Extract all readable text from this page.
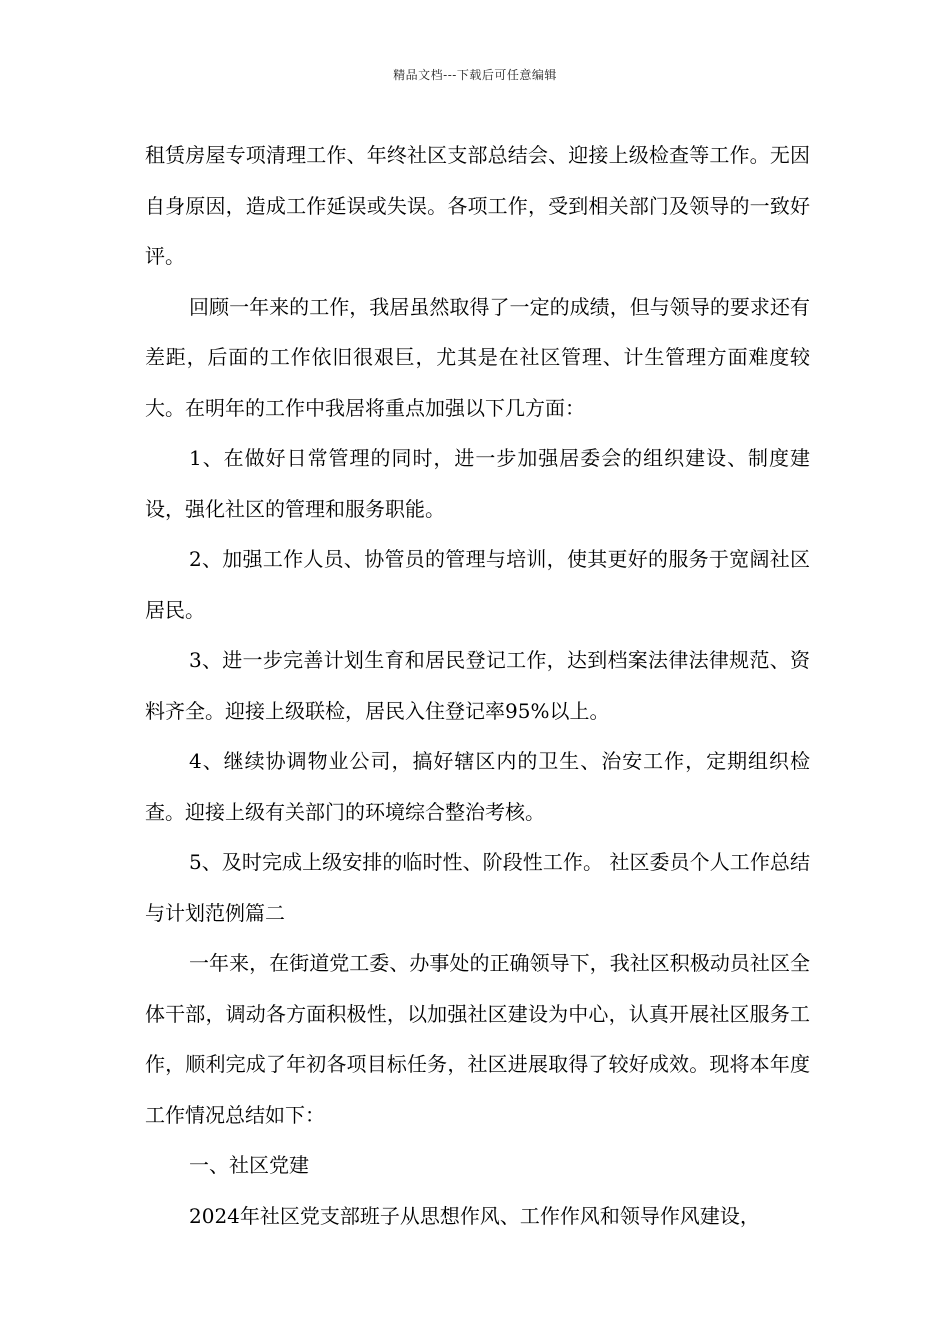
精品文档---下载后可任意编辑

租赁房屋专项清理工作、年终社区支部总结会、迎接上级检查等工作。无因自身原因，造成工作延误或失误。各项工作，受到相关部门及领导的一致好评。

回顾一年来的工作，我居虽然取得了一定的成绩，但与领导的要求还有差距，后面的工作依旧很艰巨，尤其是在社区管理、计生管理方面难度较大。在明年的工作中我居将重点加强以下几方面：

1、在做好日常管理的同时，进一步加强居委会的组织建设、制度建设，强化社区的管理和服务职能。

2、加强工作人员、协管员的管理与培训，使其更好的服务于宽阔社区居民。

3、进一步完善计划生育和居民登记工作，达到档案法律法律规范、资料齐全。迎接上级联检，居民入住登记率95%以上。

4、继续协调物业公司，搞好辖区内的卫生、治安工作，定期组织检查。迎接上级有关部门的环境综合整治考核。

5、及时完成上级安排的临时性、阶段性工作。 社区委员个人工作总结与计划范例篇二

一年来，在街道党工委、办事处的正确领导下，我社区积极动员社区全体干部，调动各方面积极性，以加强社区建设为中心，认真开展社区服务工作，顺利完成了年初各项目标任务，社区进展取得了较好成效。现将本年度工作情况总结如下：

一、社区党建

2024年社区党支部班子从思想作风、工作作风和领导作风建设，
